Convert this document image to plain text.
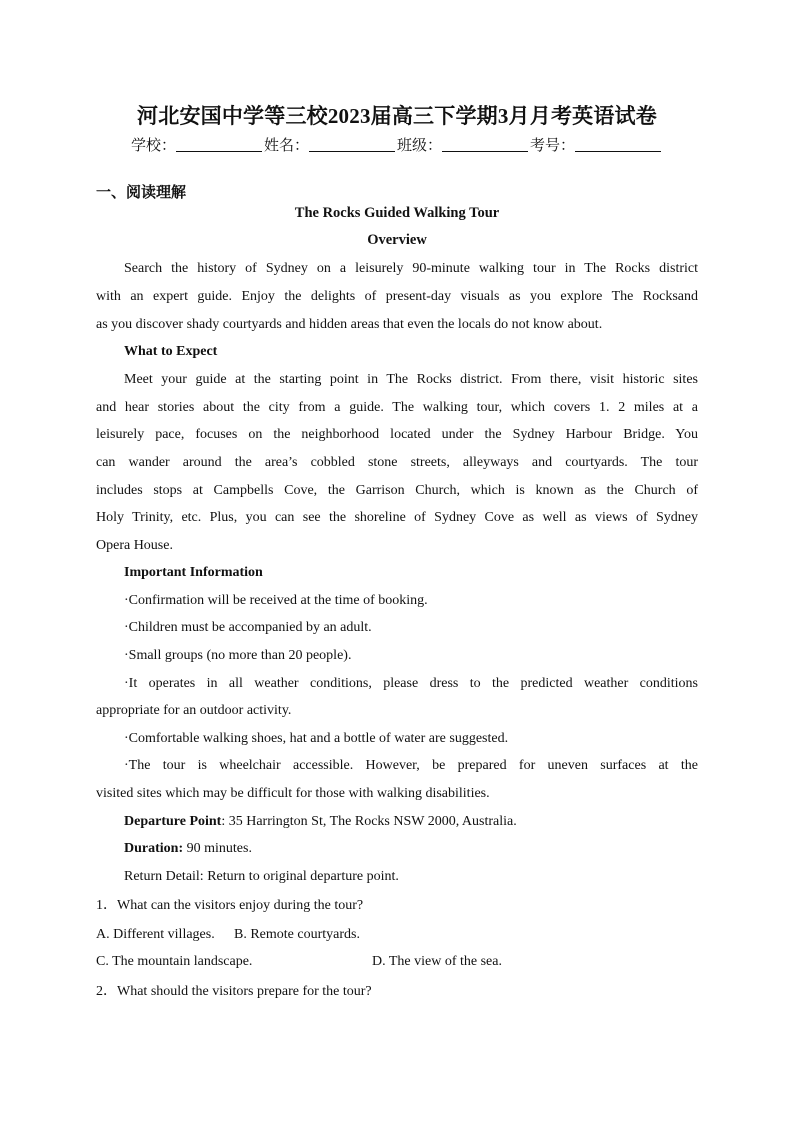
河北安国中学等三校2023届高三下学期3月月考英语试卷
学校：	姓名：	班级：	考号：
一、阅读理解
The Rocks Guided Walking Tour
Overview
Search the history of Sydney on a leisurely 90-minute walking tour in The Rocks district
with an expert guide. Enjoy the delights of present-day visuals as you explore The Rocksand
as you discover shady courtyards and hidden areas that even the locals do not know about.
What to Expect
Meet your guide at the starting point in The Rocks district. From there, visit historic sites
and hear stories about the city from a guide. The walking tour, which covers 1. 2 miles at a
leisurely pace, focuses on the neighborhood located under the Sydney Harbour Bridge. You
can wander around the area’s cobbled stone streets, alleyways and courtyards. The tour
includes stops at Campbells Cove, the Garrison Church, which is known as the Church of
Holy Trinity, etc. Plus, you can see the shoreline of Sydney Cove as well as views of Sydney
Opera House.
Important Information
·Confirmation will be received at the time of booking.
·Children must be accompanied by an adult.
·Small groups (no more than 20 people).
·It operates in all weather conditions, please dress to the predicted weather conditions
appropriate for an outdoor activity.
·Comfortable walking shoes, hat and a bottle of water are suggested.
·The tour is wheelchair accessible. However, be prepared for uneven surfaces at the
visited sites which may be difficult for those with walking disabilities.
Departure Point: 35 Harrington St, The Rocks NSW 2000, Australia.
Duration: 90 minutes.
Return Detail: Return to original departure point.
1．What can the visitors enjoy during the tour?
A. Different villages. B. Remote courtyards.
C. The mountain landscape.	D. The view of the sea.
2．What should the visitors prepare for the tour?
